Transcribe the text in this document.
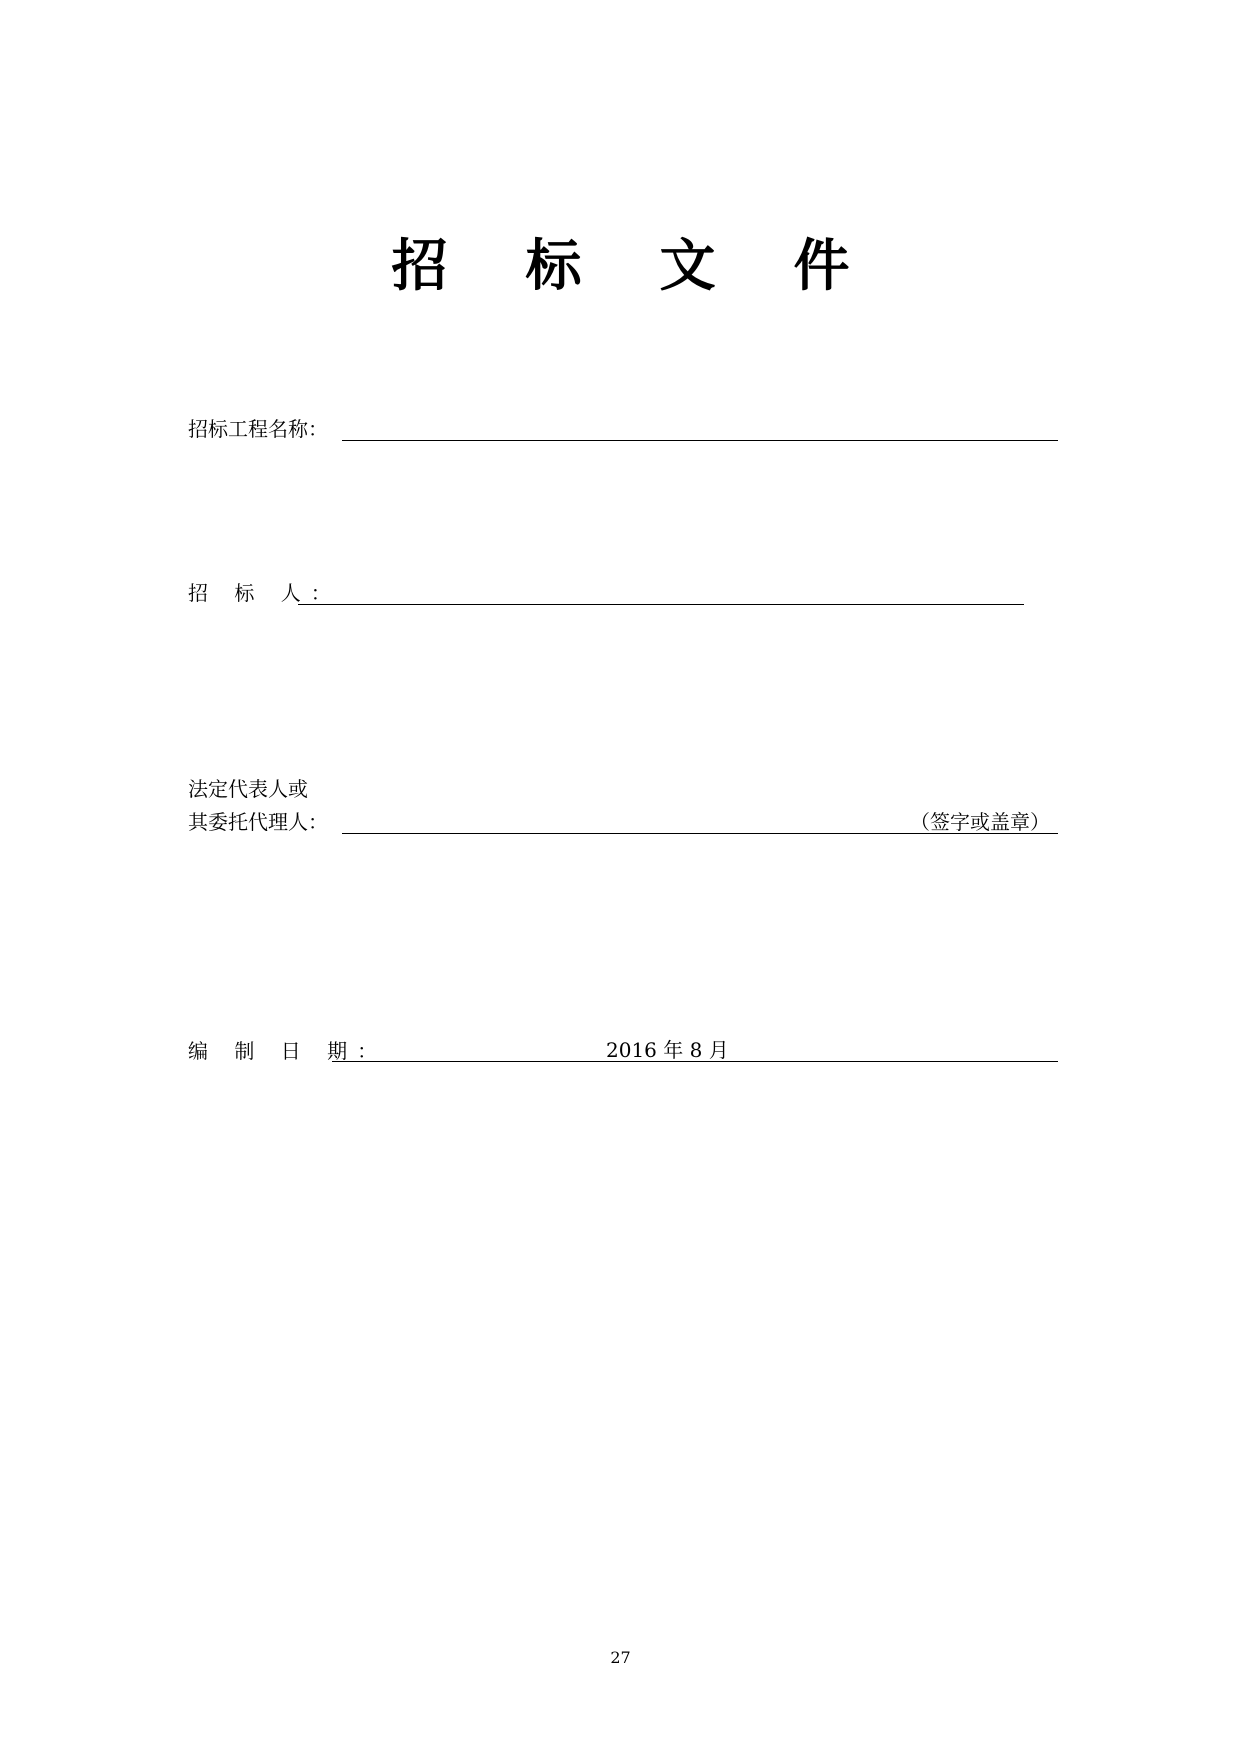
招	标	文	件
招标工程名称：
招 标 人：
法定代表人或
其委托代理人：	（签字或盖章）
编 制 日 期：	2016 年 8 月
27
